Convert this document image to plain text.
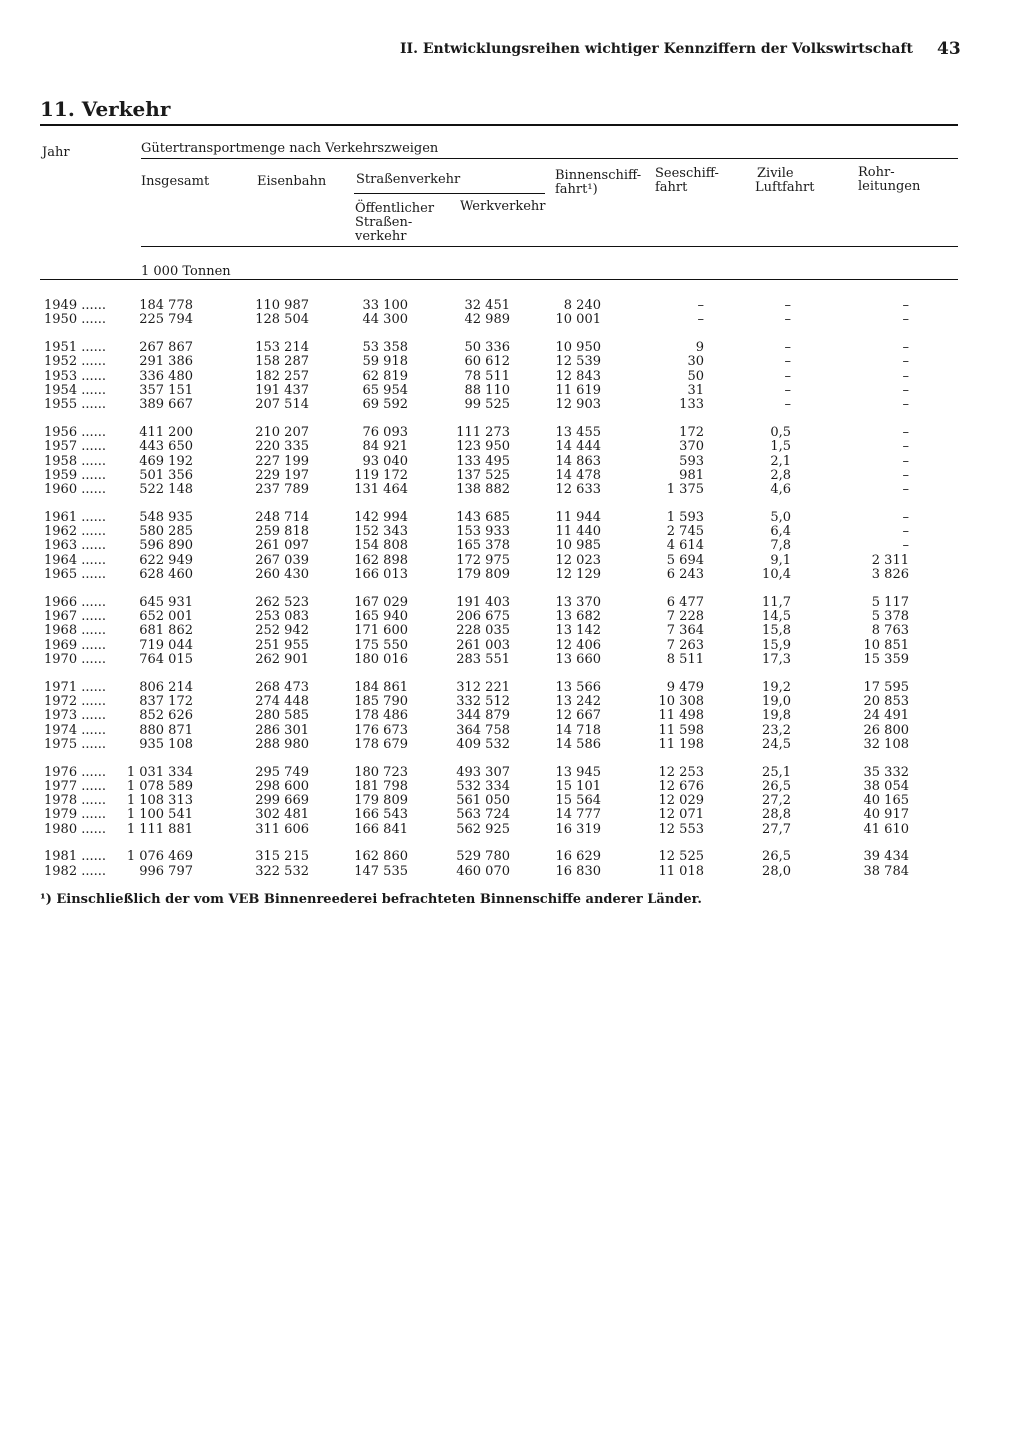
II. Entwicklungsreihen wichtiger Kennziffern der Volkswirtschaft 43
11. Verkehr
Jahr	Gütertransportmenge nach Verkehrszweigen
Insgesamt	Eisenbahn Straßenverkehr
Öffentlicher
Straßen-
verkehr
Werkverkehr
Binnenschiff-
fahrt¹)
Seeschiff-
fahrt
Zivile
Luftfahrt
Rohr-
leitungen
1 000 Tonnen
1949 ......	184 778	110 987	33 100	32 451	8 240	–	–	–
1950 ......	225 794	128 504	44 300	42 989	10 001	–	–	–
1951 ......	267 867	153 214	53 358	50 336	10 950	9	–	–
1952 ......	291 386	158 287	59 918	60 612	12 539	30	–	–
1953 ......	336 480	182 257	62 819	78 511	12 843	50	–	–
1954 ......	357 151	191 437	65 954	88 110	11 619	31	–	–
1955 ......	389 667	207 514	69 592	99 525	12 903	133	–	–
1956 ......	411 200	210 207	76 093	111 273	13 455	172	0,5	–
1957 ......	443 650	220 335	84 921	123 950	14 444	370	1,5	–
1958 ......	469 192	227 199	93 040	133 495	14 863	593	2,1	–
1959 ......	501 356	229 197	119 172	137 525	14 478	981	2,8	–
1960 ......	522 148	237 789	131 464	138 882	12 633	1 375	4,6	–
1961 ......	548 935	248 714	142 994	143 685	11 944	1 593	5,0	–
1962 ......	580 285	259 818	152 343	153 933	11 440	2 745	6,4	–
1963 ......	596 890	261 097	154 808	165 378	10 985	4 614	7,8	–
1964 ......	622 949	267 039	162 898	172 975	12 023	5 694	9,1	2 311
1965 ......	628 460	260 430	166 013	179 809	12 129	6 243	10,4	3 826
1966 ......	645 931	262 523	167 029	191 403	13 370	6 477	11,7	5 117
1967 ......	652 001	253 083	165 940	206 675	13 682	7 228	14,5	5 378
1968 ......	681 862	252 942	171 600	228 035	13 142	7 364	15,8	8 763
1969 ......	719 044	251 955	175 550	261 003	12 406	7 263	15,9	10 851
1970 ......	764 015	262 901	180 016	283 551	13 660	8 511	17,3	15 359
1971 ......	806 214	268 473	184 861	312 221	13 566	9 479	19,2	17 595
1972 ......	837 172	274 448	185 790	332 512	13 242	10 308	19,0	20 853
1973 ......	852 626	280 585	178 486	344 879	12 667	11 498	19,8	24 491
1974 ......	880 871	286 301	176 673	364 758	14 718	11 598	23,2	26 800
1975 ......	935 108	288 980	178 679	409 532	14 586	11 198	24,5	32 108
1976 ......	1 031 334	295 749	180 723	493 307	13 945	12 253	25,1	35 332
1977 ......	1 078 589	298 600	181 798	532 334	15 101	12 676	26,5	38 054
1978 ......	1 108 313	299 669	179 809	561 050	15 564	12 029	27,2	40 165
1979 ......	1 100 541	302 481	166 543	563 724	14 777	12 071	28,8	40 917
1980 ......	1 111 881	311 606	166 841	562 925	16 319	12 553	27,7	41 610
1981 ......	1 076 469	315 215	162 860	529 780	16 629	12 525	26,5	39 434
1982 ......	996 797	322 532	147 535	460 070	16 830	11 018	28,0	38 784
¹) Einschließlich der vom VEB Binnenreederei befrachteten Binnenschiffe anderer Länder.
